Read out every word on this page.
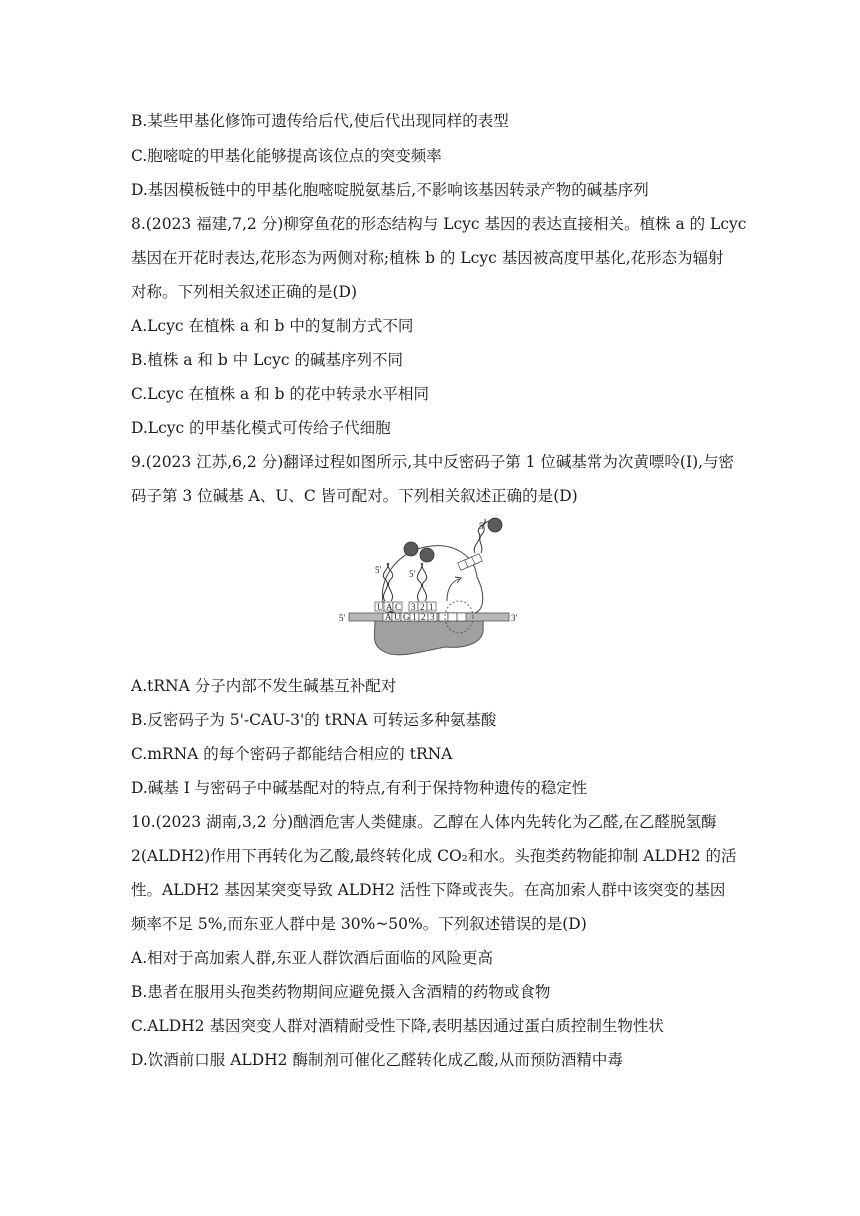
B.某些甲基化修饰可遗传给后代,使后代出现同样的表型
C.胞嘧啶的甲基化能够提高该位点的突变频率
D.基因模板链中的甲基化胞嘧啶脱氨基后,不影响该基因转录产物的碱基序列
8.(2023 福建,7,2 分)柳穿鱼花的形态结构与 Lcyc 基因的表达直接相关。植株 a 的 Lcyc
基因在开花时表达,花形态为两侧对称;植株 b 的 Lcyc 基因被高度甲基化,花形态为辐射
对称。下列相关叙述正确的是(D)
A.Lcyc 在植株 a 和 b 中的复制方式不同
B.植株 a 和 b 中 Lcyc 的碱基序列不同
C.Lcyc 在植株 a 和 b 的花中转录水平相同
D.Lcyc 的甲基化模式可传给子代细胞
9.(2023 江苏,6,2 分)翻译过程如图所示,其中反密码子第 1 位碱基常为次黄嘌呤(I),与密
码子第 3 位碱基 A、U、C 皆可配对。下列相关叙述正确的是(D)
5′	3′
A U G 1 2 3
U A C 3 2 1
5′	5′
5′
A.tRNA 分子内部不发生碱基互补配对
B.反密码子为 5'-CAU-3'的 tRNA 可转运多种氨基酸
C.mRNA 的每个密码子都能结合相应的 tRNA
D.碱基 I 与密码子中碱基配对的特点,有利于保持物种遗传的稳定性
10.(2023 湖南,3,2 分)酗酒危害人类健康。乙醇在人体内先转化为乙醛,在乙醛脱氢酶
2(ALDH2)作用下再转化为乙酸,最终转化成 CO₂和水。头孢类药物能抑制 ALDH2 的活
性。ALDH2 基因某突变导致 ALDH2 活性下降或丧失。在高加索人群中该突变的基因
频率不足 5%,而东亚人群中是 30%~50%。下列叙述错误的是(D)
A.相对于高加索人群,东亚人群饮酒后面临的风险更高
B.患者在服用头孢类药物期间应避免摄入含酒精的药物或食物
C.ALDH2 基因突变人群对酒精耐受性下降,表明基因通过蛋白质控制生物性状
D.饮酒前口服 ALDH2 酶制剂可催化乙醛转化成乙酸,从而预防酒精中毒
